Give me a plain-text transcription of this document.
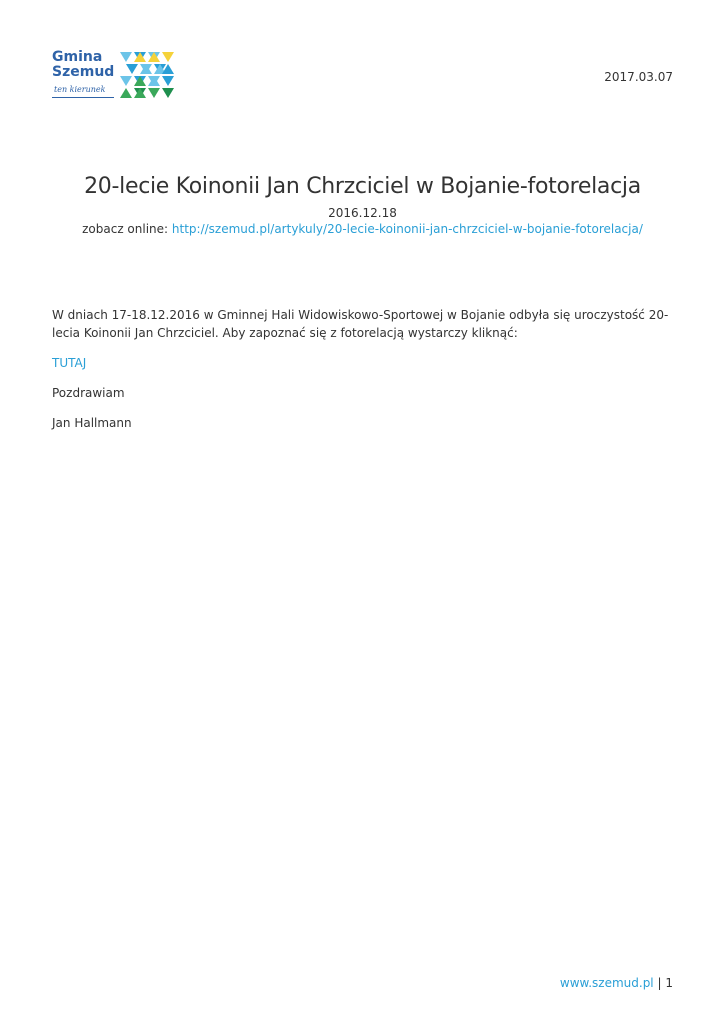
Gmina
Szemud
ten kierunek
2017.03.07
20-lecie Koinonii Jan Chrzciciel w Bojanie-fotorelacja
2016.12.18
zobacz online: http://szemud.pl/artykuly/20-lecie-koinonii-jan-chrzciciel-w-bojanie-fotorelacja/

W dniach 17-18.12.2016 w Gminnej Hali Widowiskowo-Sportowej w Bojanie odbyła się uroczystość 20-lecia Koinonii Jan Chrzciciel. Aby zapoznać się z fotorelacją wystarczy kliknąć:

TUTAJ

Pozdrawiam

Jan Hallmann

www.szemud.pl | 1
